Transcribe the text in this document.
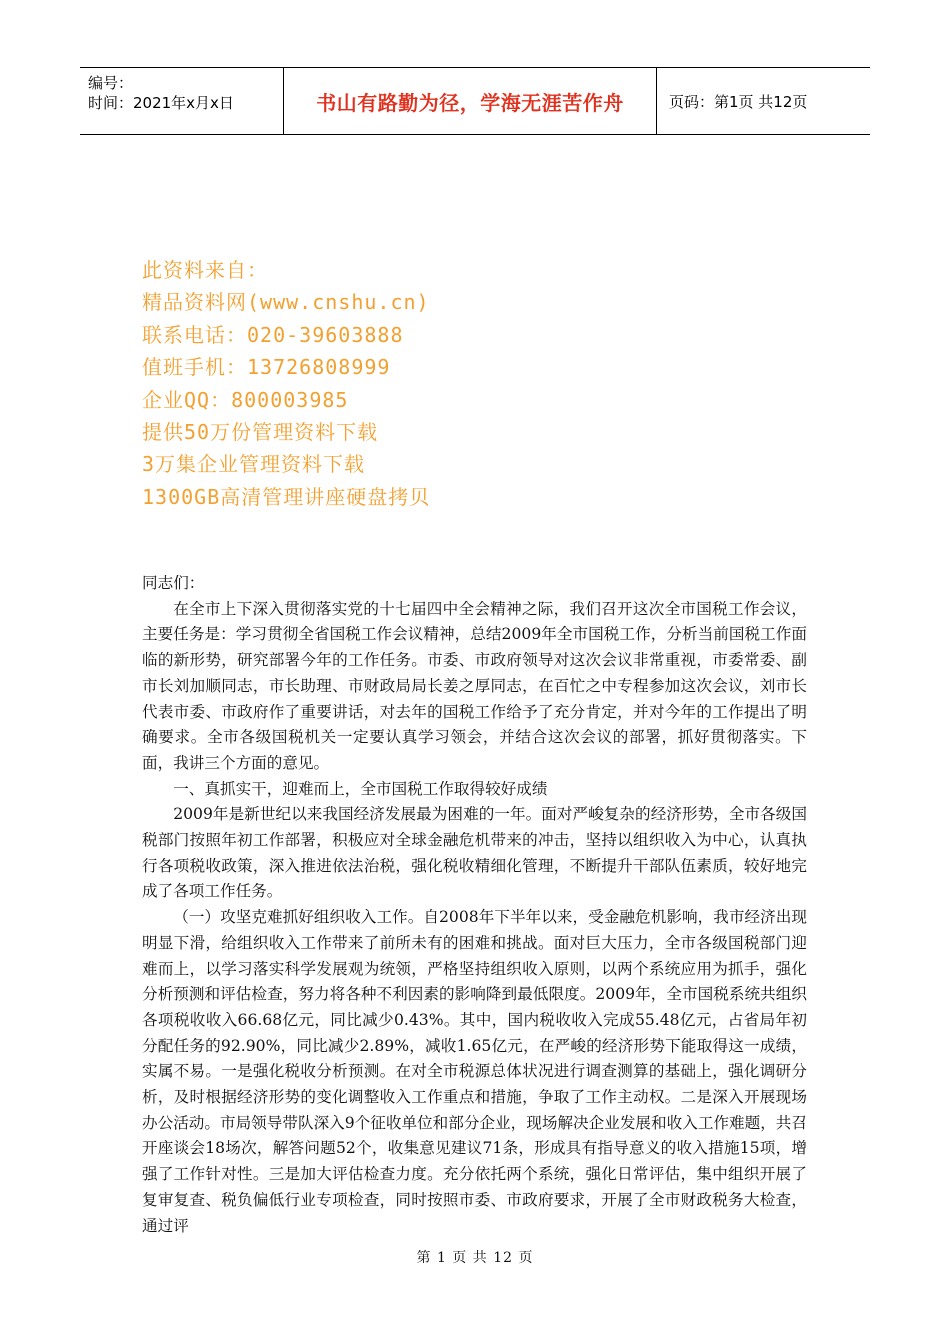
编号：
时间：2021年x月x日	书山有路勤为径，学海无涯苦作舟	页码：第1页 共12页
此资料来自：
精品资料网(www.cnshu.cn)
联系电话：020-39603888
值班手机：13726808999
企业QQ：800003985
提供50万份管理资料下载
3万集企业管理资料下载
1300GB高清管理讲座硬盘拷贝

同志们：

在全市上下深入贯彻落实党的十七届四中全会精神之际，我们召开这次全市国税工作会议，主要任务是：学习贯彻全省国税工作会议精神，总结2009年全市国税工作，分析当前国税工作面临的新形势，研究部署今年的工作任务。市委、市政府领导对这次会议非常重视，市委常委、副市长刘加顺同志，市长助理、市财政局局长姜之厚同志，在百忙之中专程参加这次会议，刘市长代表市委、市政府作了重要讲话，对去年的国税工作给予了充分肯定，并对今年的工作提出了明确要求。全市各级国税机关一定要认真学习领会，并结合这次会议的部署，抓好贯彻落实。下面，我讲三个方面的意见。

一、真抓实干，迎难而上，全市国税工作取得较好成绩

2009年是新世纪以来我国经济发展最为困难的一年。面对严峻复杂的经济形势，全市各级国税部门按照年初工作部署，积极应对全球金融危机带来的冲击，坚持以组织收入为中心，认真执行各项税收政策，深入推进依法治税，强化税收精细化管理，不断提升干部队伍素质，较好地完成了各项工作任务。

（一）攻坚克难抓好组织收入工作。自2008年下半年以来，受金融危机影响，我市经济出现明显下滑，给组织收入工作带来了前所未有的困难和挑战。面对巨大压力，全市各级国税部门迎难而上，以学习落实科学发展观为统领，严格坚持组织收入原则，以两个系统应用为抓手，强化分析预测和评估检查，努力将各种不利因素的影响降到最低限度。2009年，全市国税系统共组织各项税收收入66.68亿元，同比减少0.43%。其中，国内税收收入完成55.48亿元，占省局年初分配任务的92.90%，同比减少2.89%，减收1.65亿元，在严峻的经济形势下能取得这一成绩，实属不易。一是强化税收分析预测。在对全市税源总体状况进行调查测算的基础上，强化调研分析，及时根据经济形势的变化调整收入工作重点和措施，争取了工作主动权。二是深入开展现场办公活动。市局领导带队深入9个征收单位和部分企业，现场解决企业发展和收入工作难题，共召开座谈会18场次，解答问题52个，收集意见建议71条，形成具有指导意义的收入措施15项，增强了工作针对性。三是加大评估检查力度。充分依托两个系统，强化日常评估，集中组织开展了复审复查、税负偏低行业专项检查，同时按照市委、市政府要求，开展了全市财政税务大检查，通过评

第 1 页 共 12 页
